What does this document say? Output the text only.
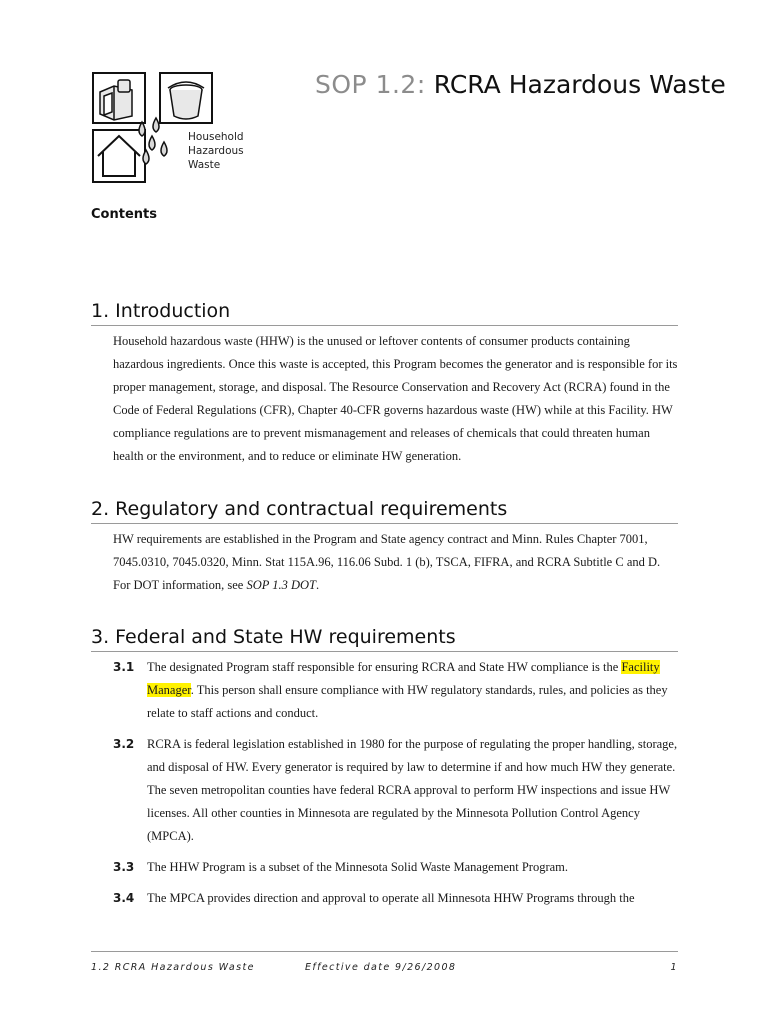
Household
Hazardous
Waste
SOP 1.2: RCRA Hazardous Waste
Contents
1. Introduction

Household hazardous waste (HHW) is the unused or leftover contents of consumer products containing hazardous ingredients. Once this waste is accepted, this Program becomes the generator and is responsible for its proper management, storage, and disposal. The Resource Conservation and Recovery Act (RCRA) found in the Code of Federal Regulations (CFR), Chapter 40-CFR governs hazardous waste (HW) while at this Facility. HW compliance regulations are to prevent mismanagement and releases of chemicals that could threaten human health or the environment, and to reduce or eliminate HW generation.

2. Regulatory and contractual requirements

HW requirements are established in the Program and State agency contract and Minn. Rules Chapter 7001, 7045.0310, 7045.0320, Minn. Stat 115A.96, 116.06 Subd. 1 (b), TSCA, FIFRA, and RCRA Subtitle C and D. For DOT information, see SOP 1.3 DOT.

3. Federal and State HW requirements
3.1 The designated Program staff responsible for ensuring RCRA and State HW compliance is the Facility Manager. This person shall ensure compliance with HW regulatory standards, rules, and policies as they relate to staff actions and conduct.
3.2 RCRA is federal legislation established in 1980 for the purpose of regulating the proper handling, storage, and disposal of HW. Every generator is required by law to determine if and how much HW they generate. The seven metropolitan counties have federal RCRA approval to perform HW inspections and issue HW licenses. All other counties in Minnesota are regulated by the Minnesota Pollution Control Agency (MPCA).
3.3 The HHW Program is a subset of the Minnesota Solid Waste Management Program.
3.4 The MPCA provides direction and approval to operate all Minnesota HHW Programs through the
1.2 RCRA Hazardous Waste	Effective date 9/26/2008	1
